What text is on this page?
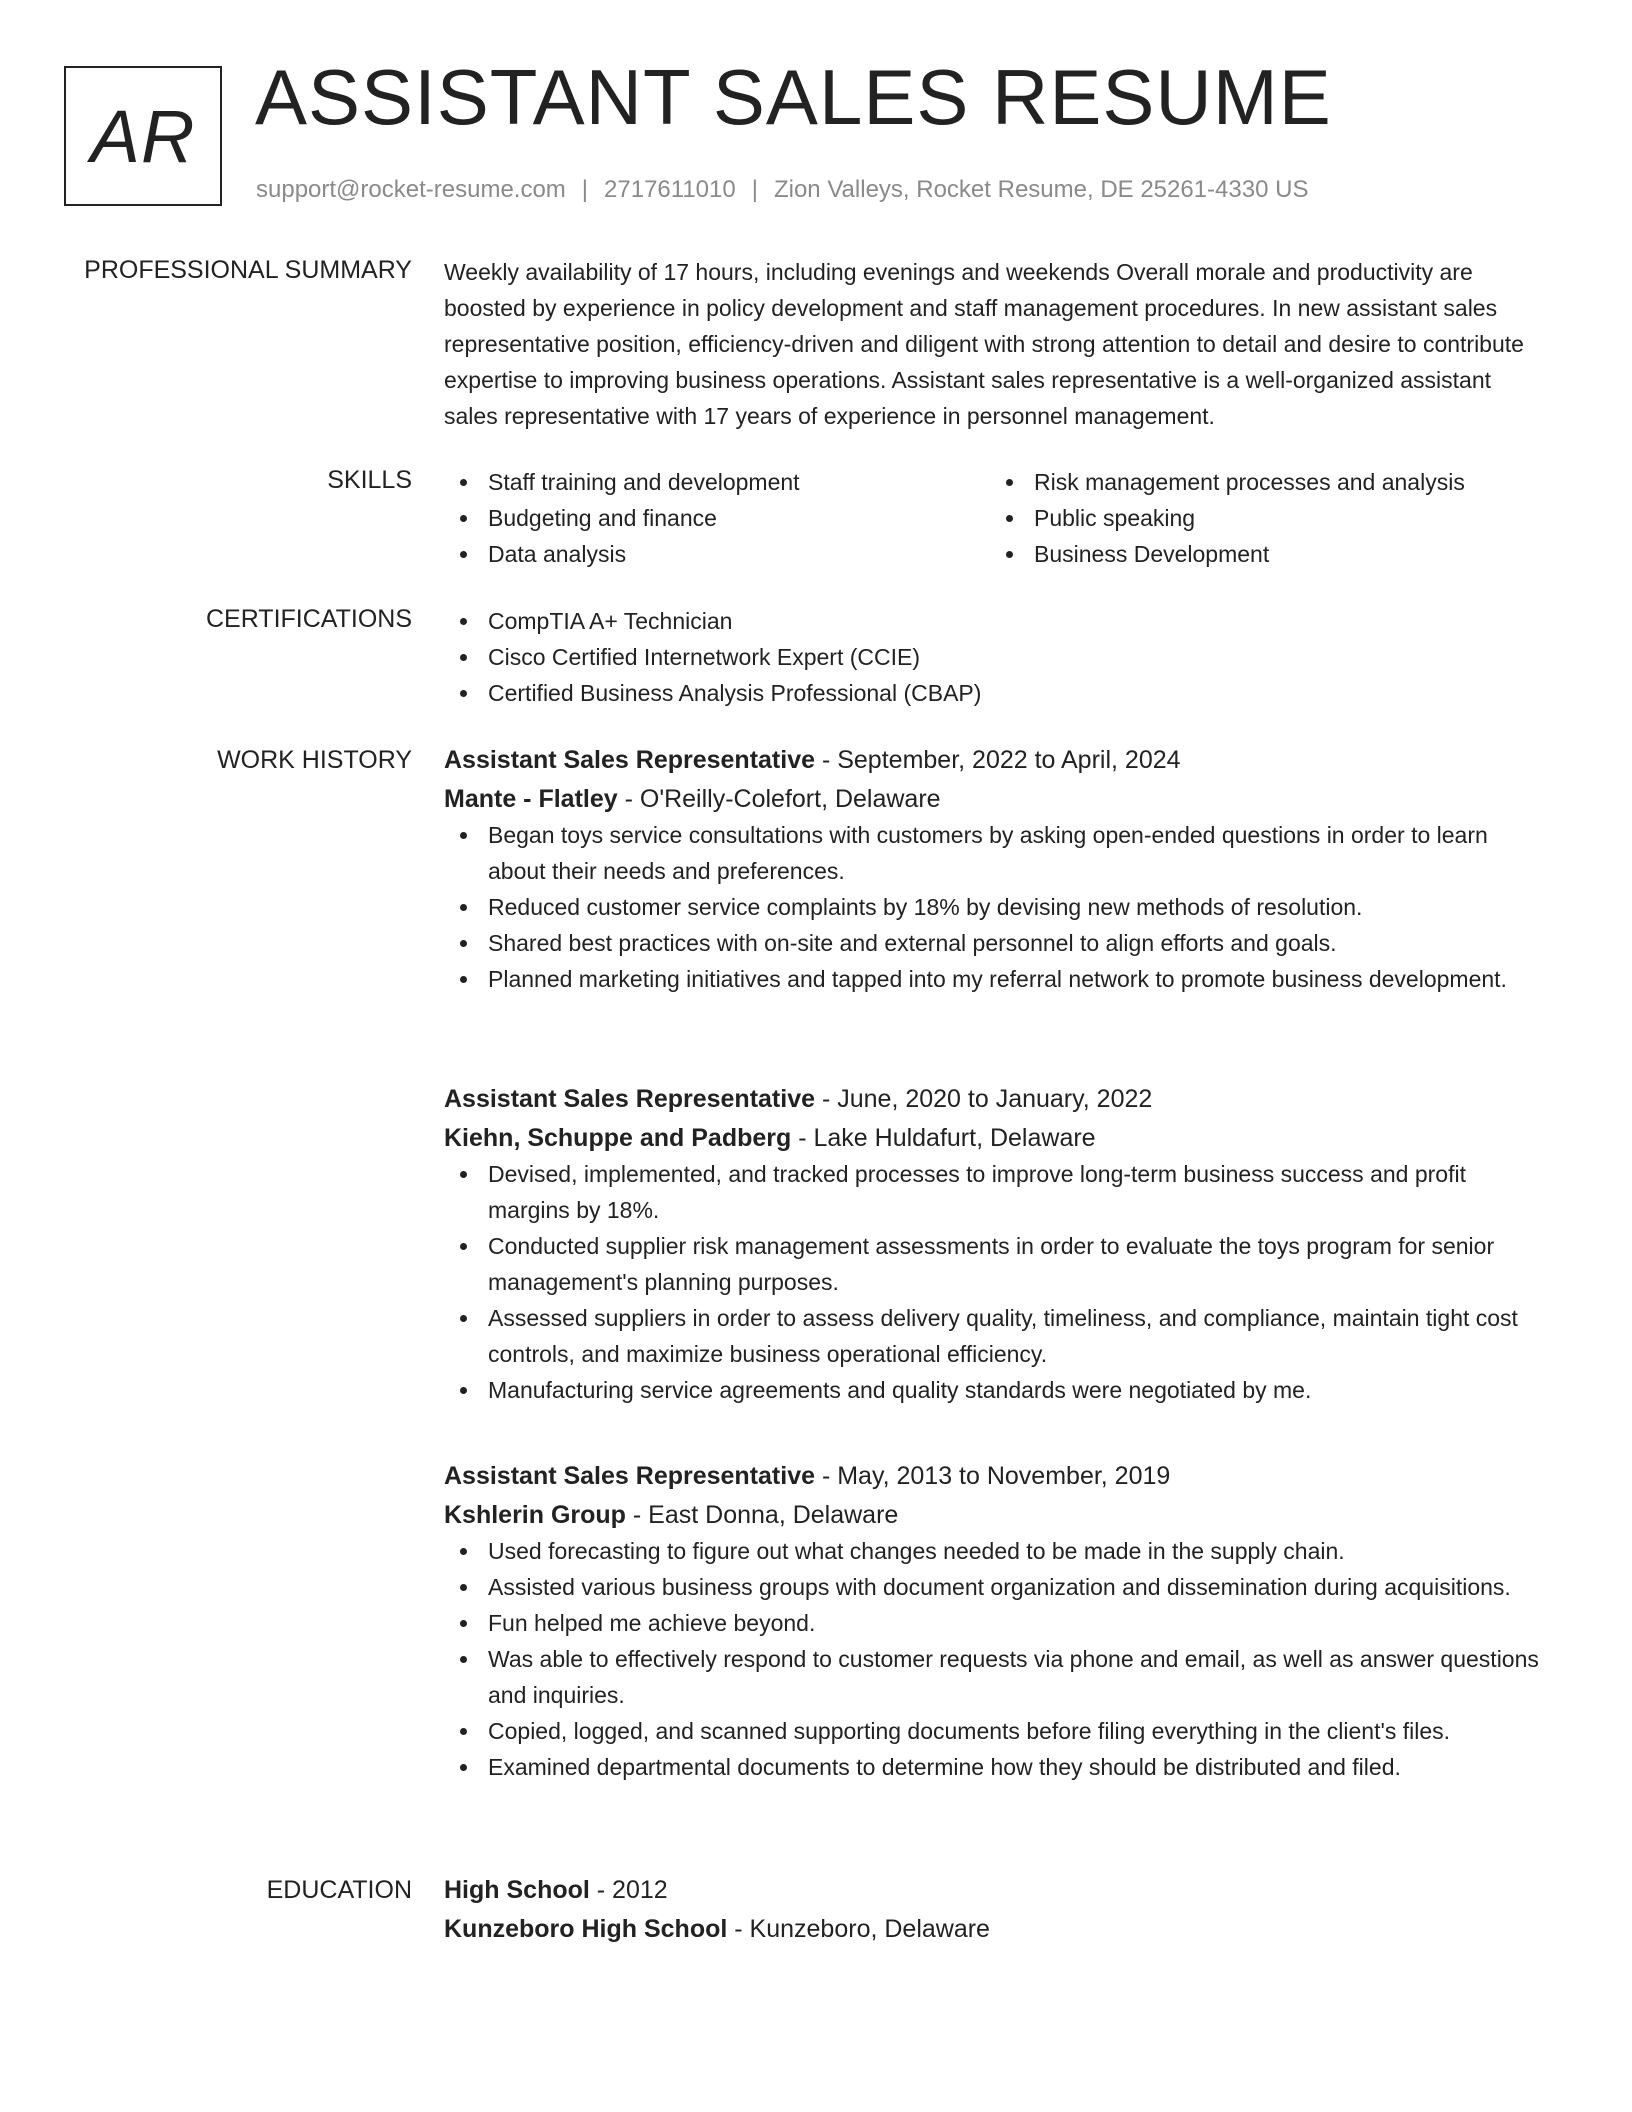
AR ASSISTANT SALES RESUME
support@rocket-resume.com | 2717611010 | Zion Valleys, Rocket Resume, DE 25261-4330 US
PROFESSIONAL SUMMARY Weekly availability of 17 hours, including evenings and weekends Overall morale and productivity are boosted by experience in policy development and staff management procedures. In new assistant sales representative position, efficiency-driven and diligent with strong attention to detail and desire to contribute expertise to improving business operations. Assistant sales representative is a well-organized assistant sales representative with 17 years of experience in personnel management.

SKILLS	Staff training and development
Budgeting and finance
Data analysis
Risk management processes and analysis
Public speaking
Business Development
CERTIFICATIONS	CompTIA A+ Technician
Cisco Certified Internetwork Expert (CCIE)
Certified Business Analysis Professional (CBAP)
WORK HISTORY Assistant Sales Representative - September, 2022 to April, 2024
Mante - Flatley - O'Reilly-Colefort, Delaware
Began toys service consultations with customers by asking open-ended questions in order to learn about their needs and preferences.
Reduced customer service complaints by 18% by devising new methods of resolution.
Shared best practices with on-site and external personnel to align efforts and goals.
Planned marketing initiatives and tapped into my referral network to promote business development.
Assistant Sales Representative - June, 2020 to January, 2022
Kiehn, Schuppe and Padberg - Lake Huldafurt, Delaware
Devised, implemented, and tracked processes to improve long-term business success and profit margins by 18%.
Conducted supplier risk management assessments in order to evaluate the toys program for senior management's planning purposes.
Assessed suppliers in order to assess delivery quality, timeliness, and compliance, maintain tight cost controls, and maximize business operational efficiency.
Manufacturing service agreements and quality standards were negotiated by me.
Assistant Sales Representative - May, 2013 to November, 2019
Kshlerin Group - East Donna, Delaware
Used forecasting to figure out what changes needed to be made in the supply chain.
Assisted various business groups with document organization and dissemination during acquisitions.
Fun helped me achieve beyond.
Was able to effectively respond to customer requests via phone and email, as well as answer questions and inquiries.
Copied, logged, and scanned supporting documents before filing everything in the client's files.
Examined departmental documents to determine how they should be distributed and filed.
EDUCATION High School - 2012
Kunzeboro High School - Kunzeboro, Delaware
